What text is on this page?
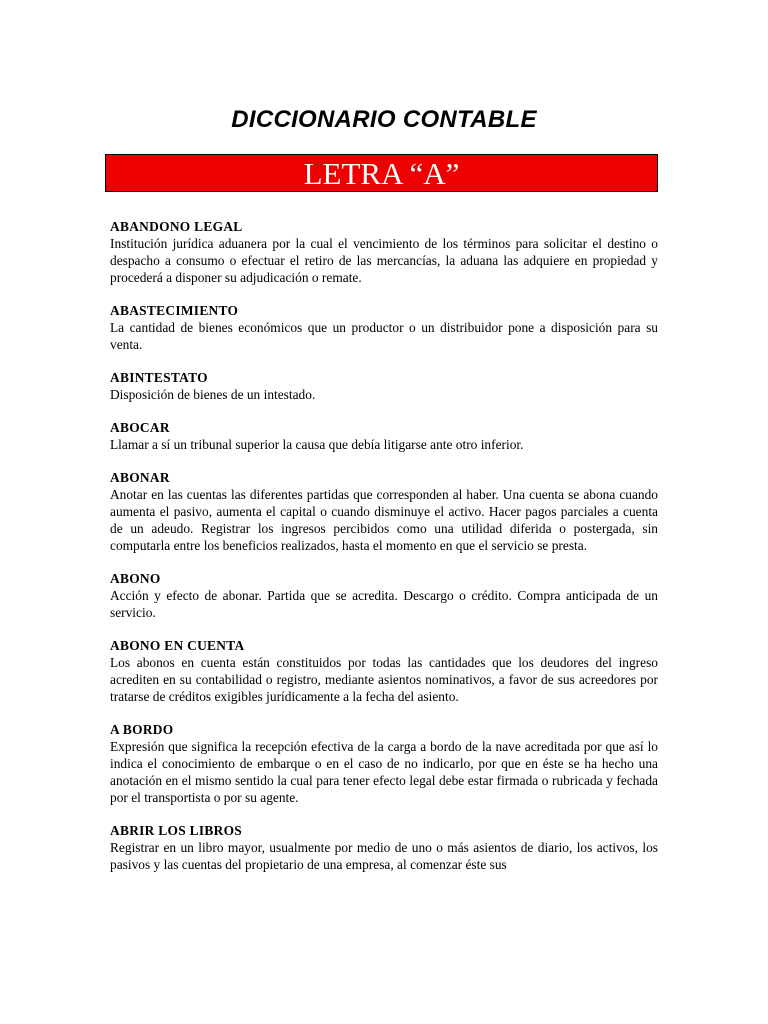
DICCIONARIO CONTABLE
LETRA “A”
ABANDONO LEGAL
Institución jurídica aduanera por la cual el vencimiento de los términos para solicitar el destino o despacho a consumo o efectuar el retiro de las mercancías, la aduana las adquiere en propiedad y procederá a disponer su adjudicación o remate.
ABASTECIMIENTO
La cantidad de bienes económicos que un productor o un distribuidor pone a disposición para su venta.
ABINTESTATO
Disposición de bienes de un intestado.
ABOCAR
Llamar a sí un tribunal superior la causa que debía litigarse ante otro inferior.
ABONAR
Anotar en las cuentas las diferentes partidas que corresponden al haber. Una cuenta se abona cuando aumenta el pasivo, aumenta el capital o cuando disminuye el activo. Hacer pagos parciales a cuenta de un adeudo. Registrar los ingresos percibidos como una utilidad diferida o postergada, sin computarla entre los beneficios realizados, hasta el momento en que el servicio se presta.
ABONO
Acción y efecto de abonar. Partida que se acredita. Descargo o crédito. Compra anticipada de un servicio.
ABONO EN CUENTA
Los abonos en cuenta están constituidos por todas las cantidades que los deudores del ingreso acrediten en su contabilidad o registro, mediante asientos nominativos, a favor de sus acreedores por tratarse de créditos exigibles jurídicamente a la fecha del asiento.
A BORDO
Expresión que significa la recepción efectiva de la carga a bordo de la nave acreditada por que así lo indica el conocimiento de embarque o en el caso de no indicarlo, por que en éste se ha hecho una anotación en el mismo sentido la cual para tener efecto legal debe estar firmada o rubricada y fechada por el transportista o por su agente.
ABRIR LOS LIBROS
Registrar en un libro mayor, usualmente por medio de uno o más asientos de diario, los activos, los pasivos y las cuentas del propietario de una empresa, al comenzar éste sus
